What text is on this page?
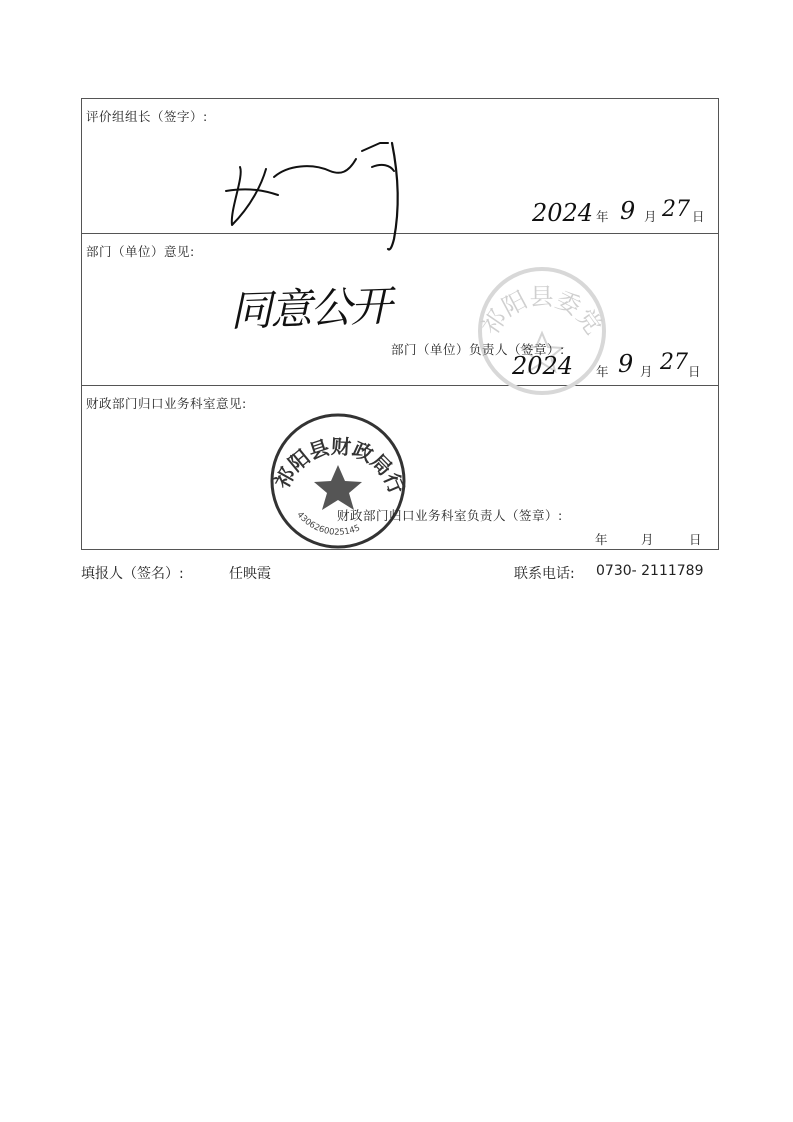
评价组组长（签字）:
2024 年 9 月 27 日
部门（单位）意见:
祁阳县委党校
同意公开
部门（单位）负责人（签章）:
2024 年 9 月 27 日
财政部门归口业务科室意见:
祁阳县财政局行政股
4306260025145
财政部门归口业务科室负责人（签章）:
年	月	日
填报人（签名）:	任映霞	联系电话: 0730- 2111789
